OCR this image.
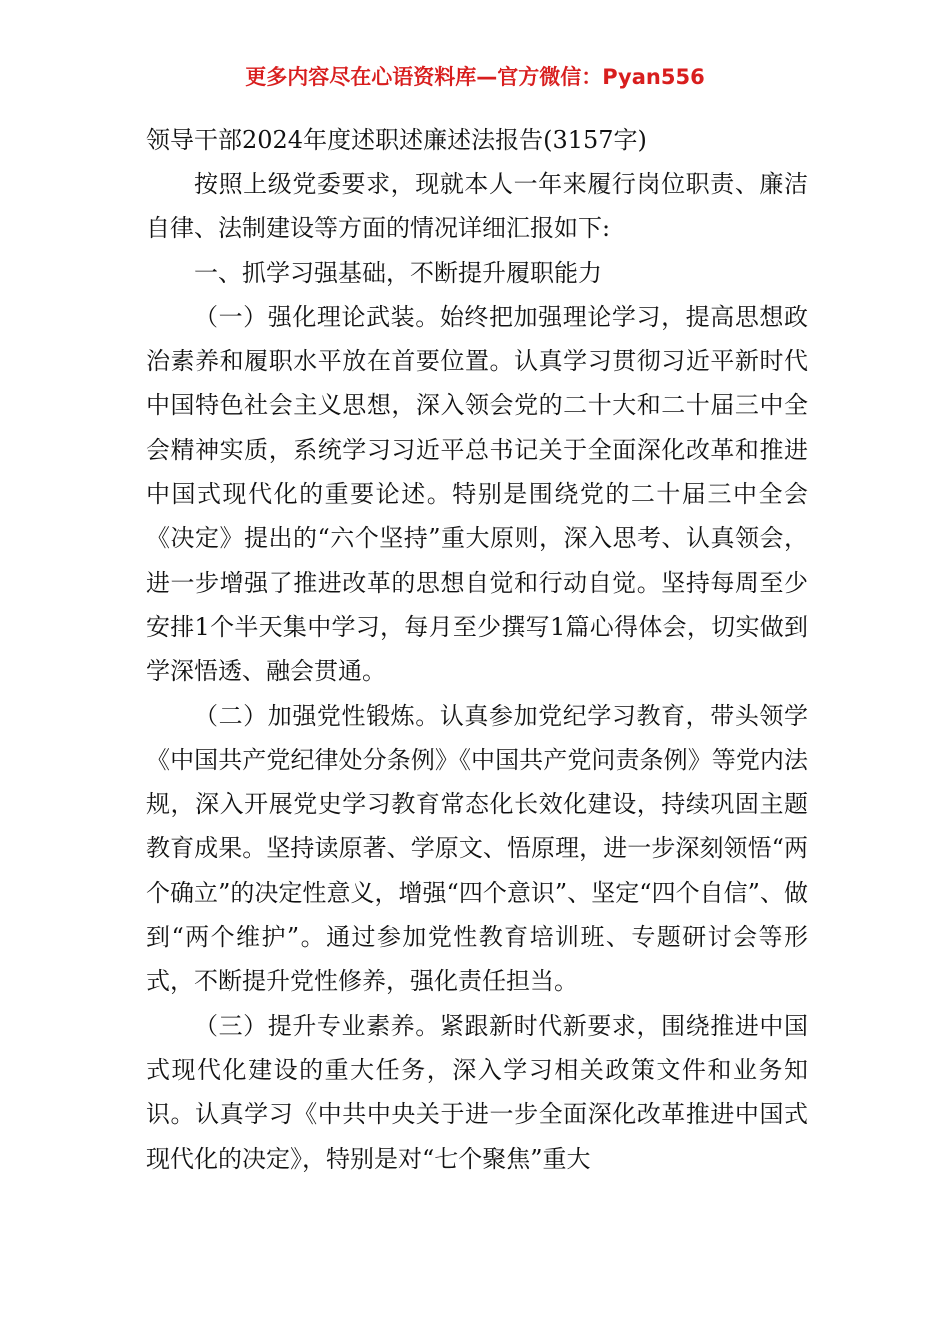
更多内容尽在心语资料库—官方微信：Pyan556
领导干部2024年度述职述廉述法报告(3157字)

按照上级党委要求，现就本人一年来履行岗位职责、廉洁自律、法制建设等方面的情况详细汇报如下:

一、抓学习强基础，不断提升履职能力

（一）强化理论武装。始终把加强理论学习，提高思想政治素养和履职水平放在首要位置。认真学习贯彻习近平新时代中国特色社会主义思想，深入领会党的二十大和二十届三中全会精神实质，系统学习习近平总书记关于全面深化改革和推进中国式现代化的重要论述。特别是围绕党的二十届三中全会《决定》提出的“六个坚持”重大原则，深入思考、认真领会，进一步增强了推进改革的思想自觉和行动自觉。坚持每周至少安排1个半天集中学习，每月至少撰写1篇心得体会，切实做到学深悟透、融会贯通。

（二）加强党性锻炼。认真参加党纪学习教育，带头领学《中国共产党纪律处分条例》《中国共产党问责条例》等党内法规，深入开展党史学习教育常态化长效化建设，持续巩固主题教育成果。坚持读原著、学原文、悟原理，进一步深刻领悟“两个确立”的决定性意义，增强“四个意识”、坚定“四个自信”、做到“两个维护”。通过参加党性教育培训班、专题研讨会等形式，不断提升党性修养，强化责任担当。

（三）提升专业素养。紧跟新时代新要求，围绕推进中国式现代化建设的重大任务，深入学习相关政策文件和业务知识。认真学习《中共中央关于进一步全面深化改革推进中国式现代化的决定》，特别是对“七个聚焦”重大
